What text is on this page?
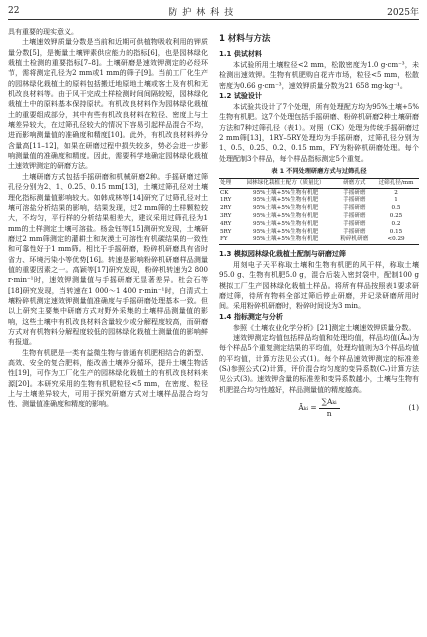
22	防护林科技	2025年

具有重要的现实意义。

土壤速效钾质量分数是当前和近期可供植物吸收利用的钾质量分数[5]，是衡量土壤钾素供应能力的指标[6]，也是园林绿化栽植土检测的重要指标[7–8]。土壤研磨是速效钾测定的必经环节，需将测定孔径为2 mm或1 mm的筛子[9]。当前工厂化生产的园林绿化栽植土的原料包括搬迁地原地土壤或客土及有机和无机改良材料等。由于风干完成土样检测时间间隔较短，园林绿化栽植土中的原料基本保持原状。有机改良材料作为园林绿化栽植土的重要组成部分，其中有些有机改良材料在粒径、密度上与土壤差异较大，在过筛孔径较大的情况下容易引起样品混合不均，进而影响测量值的准确度和精度[10]。此外，有机改良材料养分含量高[11–12]，如果在研磨过程中损失较多，势必会进一步影响测量值的准确度和精度。因此，需要科学地确定园林绿化栽植土速效钾测定的研磨方法。

土壤研磨方式包括手摇研磨和机械研磨2种。手摇研磨过筛孔径分别为2、1、0.25、0.15 mm[13]，土壤过筛孔径对土壤理化指标测量值影响较大。如韩成林等[14]研究了过筛孔径对土壤可溶盐分析结果的影响，结果发现，过2 mm筛的土样颗粒较大，不均匀，平行样的分析结果相差大，建议采用过筛孔径为1 mm的土样测定土壤可溶盐。杨金钰等[15]测研究发现，土壤研磨过2 mm筛测定的灌耕土和灰漠土可溶性有机碳结果的一致性和可靠性好于1 mm筛。相比于手摇研磨，粉碎机研磨具有省时省力、环境污染小等优势[16]。转速是影响粉碎机研磨样品测量值的重要因素之一。高颖等[17]研究发现，粉碎机转速为2 800 r·min⁻¹时，速效钾测量值与手摇研磨无显著差异。杜会石等[18]研究发现，当转速在1 000～1 400 r·min⁻¹时，白清式土壤粉碎机测定速效钾测量值准确度与手摇研磨处理基本一致。但以上研究主要集中研磨方式对野外采集的土壤样品测量值的影响，这些土壤中有机改良材料含量较少或分解程度较高，而研磨方式对有机物料分解程度较低的园林绿化栽植土测量值的影响鲜有报道。

生物有机肥是一类有益微生物与普通有机肥相结合的新型、高效、安全的复合肥料，能改善土壤养分循环，提升土壤生物活性[19]，可作为工厂化生产的园林绿化栽植土的有机改良材料来源[20]。本研究采用的生物有机肥粒径<5 mm，在密度、粒径上与土壤差异较大，可用于探究研磨方式对土壤样品混合均匀性、测量值准确度和精度的影响。

1 材料与方法
1.1 供试材料

本试验所用土壤粒径<2 mm，松散密度为1.0 g·cm⁻³，未检测出速效钾。生物有机肥购自花卉市场，粒径<5 mm，松散密度为0.66 g·cm⁻³，速效钾质量分数为21 658 mg·kg⁻¹。

1.2 试验设计

本试验共设计了7个处理，所有处理配方均为95%土壤+5%生物有机肥。这7个处理包括手摇研磨、粉碎机研磨2种土壤研磨方法和7种过筛孔径（表1）。对照（CK）处理为传统手摇研磨过2 mm筛[13]，1RY–5RY处理均为手摇研磨，过筛孔径分别为1、0.5、0.25、0.2、0.15 mm，FY为粉碎机研磨处理。每个处理配制3个样品，每个样品指标测定5个重复。

表 1 不同处理研磨方式与过筛孔径
处理	园林绿化栽植土配方（质量比）	研磨方式	过筛孔径/mm
CK	95%土壤+5%生物有机肥	手摇研磨	2
1RY	95%土壤+5%生物有机肥	手摇研磨	1
2RY	95%土壤+5%生物有机肥	手摇研磨	0.5
3RY	95%土壤+5%生物有机肥	手摇研磨	0.25
4RY	95%土壤+5%生物有机肥	手摇研磨	0.2
5RY	95%土壤+5%生物有机肥	手摇研磨	0.15
FY	95%土壤+5%生物有机肥	粉碎机研磨	<0.29
1.3 模拟园林绿化栽植土配制与研磨过筛

用刻电子天平称取土壤和生物有机肥的风干样，称取土壤95.0 g、生物有机肥5.0 g，混合后装入密封袋中，配制100 g模拟工厂生产园林绿化栽植土样品。将所有样品按照表1要求研磨过筛，待所有物料全部过筛后停止研磨，并记录研磨所用时间。采用粉碎机研磨时，粉碎时间设为3 min。

1.4 指标测定与分析

参照《土壤农业化学分析》[21]测定土壤速效钾质量分数。

速效钾测定均值包括样品均值和处理均值，样品均值(Āₖᵢ)为每个样品5个重复测定结果的平均值，处理均值则为3个样品均值的平均值，计算方法见公式(1)。每个样品速效钾测定的标准差(Sᵢ)参照公式(2)计算，评价混合均匀度的变异系数(Cᵥ)计算方法见公式(3)。速效钾含量的标准差和变异系数越小，土壤与生物有机肥混合均匀性越好，样品测量值的精度越高。

Āₖᵢ = $\frac{\text{∑Aₖᵢ}}{n}$	(1)
